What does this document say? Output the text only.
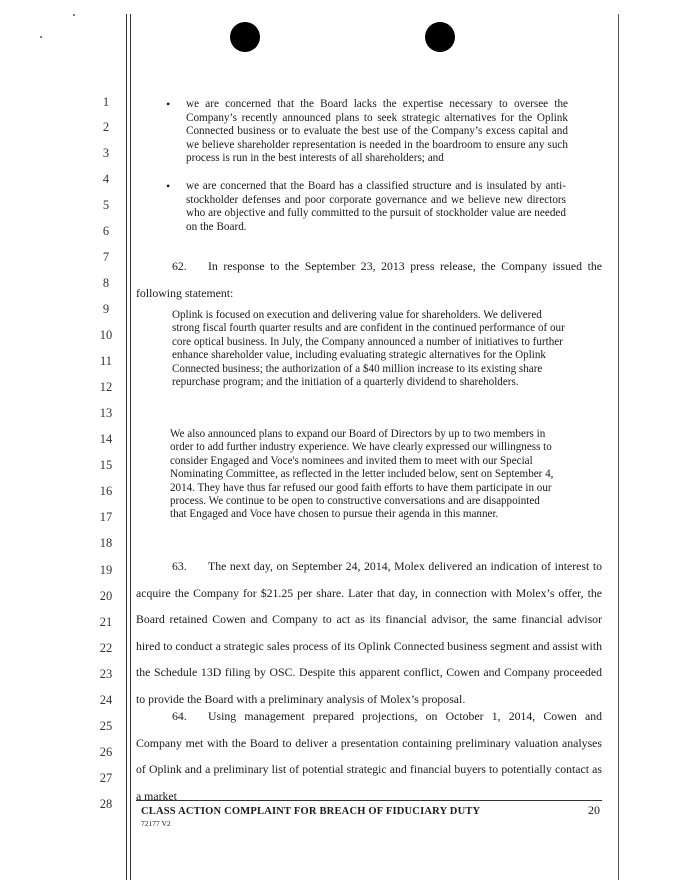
1
2
3
4
5
6
7
8
9
10
11
12
13
14
15
16
17
18
19
20
21
22
23
24
25
26
27
28
• we are concerned that the Board lacks the expertise necessary to oversee the Company’s recently announced plans to seek strategic alternatives for the Oplink Connected business or to evaluate the best use of the Company’s excess capital and we believe shareholder representation is needed in the boardroom to ensure any such process is run in the best interests of all shareholders; and

• we are concerned that the Board has a classified structure and is insulated by anti-stockholder defenses and poor corporate governance and we believe new directors who are objective and fully committed to the pursuit of stockholder value are needed on the Board.

62. In response to the September 23, 2013 press release, the Company issued the following statement:

Oplink is focused on execution and delivering value for shareholders. We delivered strong fiscal fourth quarter results and are confident in the continued performance of our core optical business. In July, the Company announced a number of initiatives to further enhance shareholder value, including evaluating strategic alternatives for the Oplink Connected business; the authorization of a $40 million increase to its existing share repurchase program; and the initiation of a quarterly dividend to shareholders.

We also announced plans to expand our Board of Directors by up to two members in order to add further industry experience. We have clearly expressed our willingness to consider Engaged and Voce's nominees and invited them to meet with our Special Nominating Committee, as reflected in the letter included below, sent on September 4, 2014. They have thus far refused our good faith efforts to have them participate in our process. We continue to be open to constructive conversations and are disappointed that Engaged and Voce have chosen to pursue their agenda in this manner.

63. The next day, on September 24, 2014, Molex delivered an indication of interest to acquire the Company for $21.25 per share. Later that day, in connection with Molex’s offer, the Board retained Cowen and Company to act as its financial advisor, the same financial advisor hired to conduct a strategic sales process of its Oplink Connected business segment and assist with the Schedule 13D filing by OSC. Despite this apparent conflict, Cowen and Company proceeded to provide the Board with a preliminary analysis of Molex’s proposal.
64. Using management prepared projections, on October 1, 2014, Cowen and Company met with the Board to deliver a presentation containing preliminary valuation analyses of Oplink and a preliminary list of potential strategic and financial buyers to potentially contact as a market
CLASS ACTION COMPLAINT FOR BREACH OF FIDUCIARY DUTY
72177 V2
20
